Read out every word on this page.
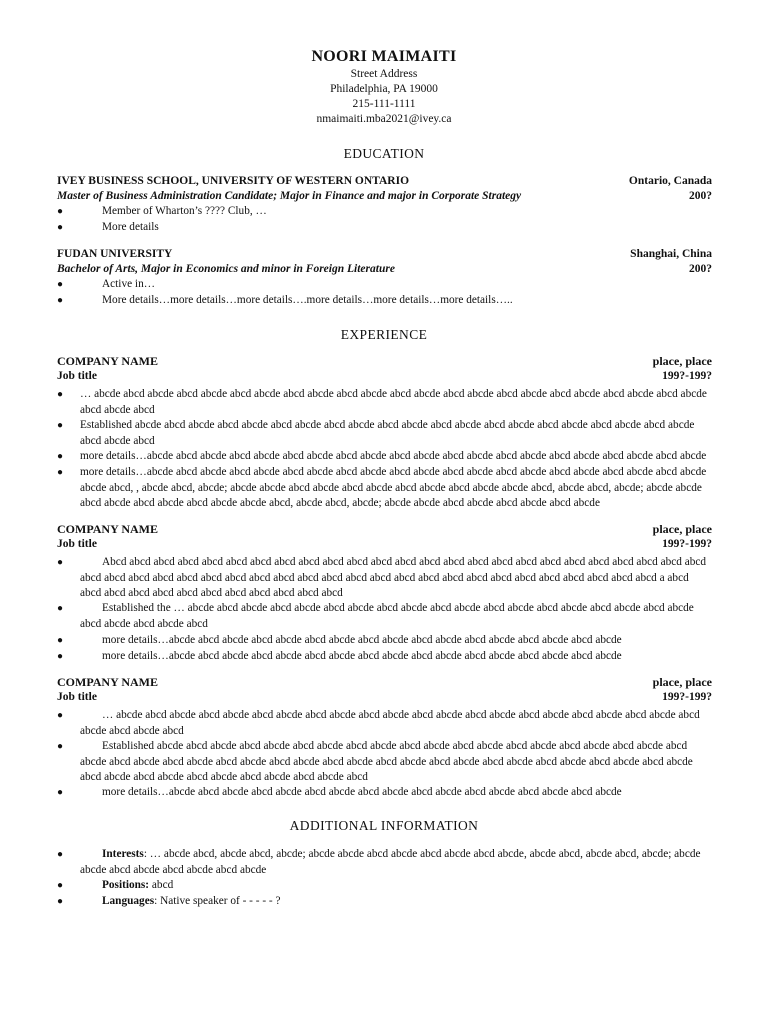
NOORI MAIMAITI
Street Address
Philadelphia, PA 19000
215-111-1111
nmaimaiti.mba2021@ivey.ca
EDUCATION
IVEY BUSINESS SCHOOL, UNIVERSITY OF WESTERN ONTARIO	Ontario, Canada
Master of Business Administration Candidate; Major in Finance and major in Corporate Strategy	200?
●	Member of Wharton’s ???? Club, …
●	More details
FUDAN UNIVERSITY	Shanghai, China
Bachelor of Arts, Major in Economics and minor in Foreign Literature	200?
●	Active in…
●	More details…more details…more details….more details…more details…more details…..
EXPERIENCE
COMPANY NAME	place, place
Job title	199?-199?
● … abcde abcd abcde abcd abcde abcd abcde abcd abcde abcd abcde abcd abcde abcd abcde abcd abcde abcd abcde abcd abcde abcd abcde abcd abcde abcd
● Established abcde abcd abcde abcd abcde abcd abcde abcd abcde abcd abcde abcd abcde abcd abcde abcd abcde abcd abcde abcd abcde abcd abcde abcd
● more details…abcde abcd abcde abcd abcde abcd abcde abcd abcde abcd abcde abcd abcde abcd abcde abcd abcde abcd abcde abcd abcde
● more details…abcde abcd abcde abcd abcde abcd abcde abcd abcde abcd abcde abcd abcde abcd abcde abcd abcde abcd abcde abcd abcde abcde abcd, , abcde abcd, abcde; abcde abcde abcd abcde abcd abcde abcd abcde abcd abcde abcde abcd, abcde abcd, abcde; abcde abcde abcd abcde abcd abcde abcd abcde abcde abcd, abcde abcd, abcde; abcde abcde abcd abcde abcd abcde abcd abcde
COMPANY NAME	place, place
Job title	199?-199?
●	Abcd abcd abcd abcd abcd abcd abcd abcd abcd abcd abcd abcd abcd abcd abcd abcd abcd abcd abcd abcd abcd abcd abcd abcd abcd abcd abcd abcd abcd abcd abcd abcd abcd abcd abcd abcd abcd abcd abcd abcd abcd abcd abcd abcd abcd abcd abcd abcd abcd a abcd abcd abcd abcd abcd abcd abcd abcd abcd abcd abcd abcd
●	Established the … abcde abcd abcde abcd abcde abcd abcde abcd abcde abcd abcde abcd abcde abcd abcde abcd abcde abcd abcde abcd abcde abcd abcde abcd
●	more details…abcde abcd abcde abcd abcde abcd abcde abcd abcde abcd abcde abcd abcde abcd abcde abcd abcde
●	more details…abcde abcd abcde abcd abcde abcd abcde abcd abcde abcd abcde abcd abcde abcd abcde abcd abcde
COMPANY NAME	place, place
Job title	199?-199?
●	… abcde abcd abcde abcd abcde abcd abcde abcd abcde abcd abcde abcd abcde abcd abcde abcd abcde abcd abcde abcd abcde abcd abcde abcd abcde abcd
●	Established abcde abcd abcde abcd abcde abcd abcde abcd abcde abcd abcde abcd abcde abcd abcde abcd abcde abcd abcde abcd abcde abcd abcde abcd abcde abcd abcde abcd abcde abcd abcde abcd abcde abcd abcde abcd abcde abcd abcde abcd abcde abcd abcde abcd abcde abcd abcde abcd abcde abcd abcde abcd abcde abcd
●	more details…abcde abcd abcde abcd abcde abcd abcde abcd abcde abcd abcde abcd abcde abcd abcde abcd abcde
ADDITIONAL INFORMATION
●	Interests: … abcde abcd, abcde abcd, abcde; abcde abcde abcd abcde abcd abcde abcd abcde, abcde abcd, abcde abcd, abcde; abcde abcde abcd abcde abcd abcde abcd abcde
●	Positions: abcd
●	Languages: Native speaker of - - - - - ?
